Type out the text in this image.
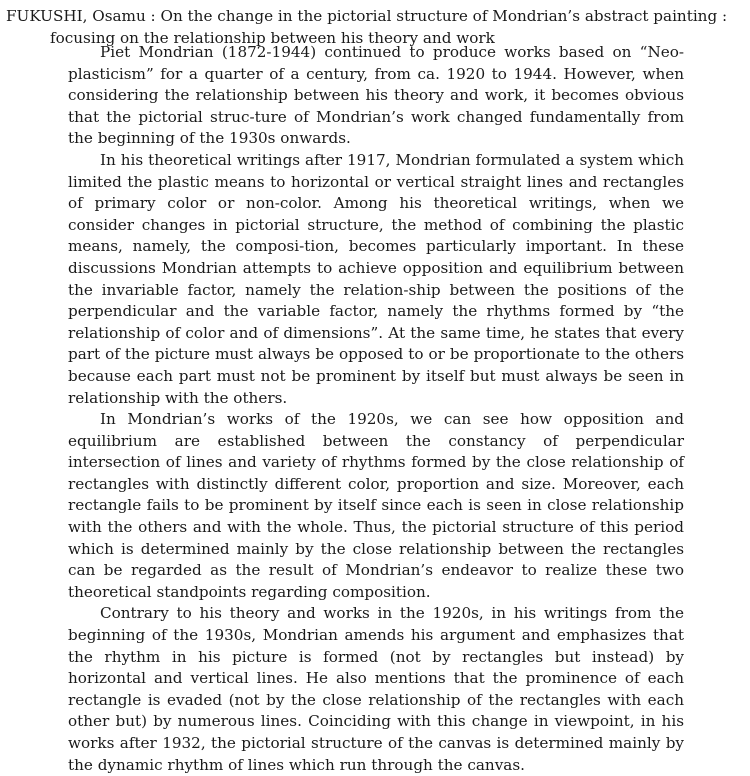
FUKUSHI, Osamu : On the change in the pictorial structure of Mondrian’s abstract painting :
focusing on the relationship between his theory and work

Piet Mondrian (1872-1944) continued to produce works based on “Neo-plasticism” for a quarter of a century, from ca. 1920 to 1944. However, when considering the relationship between his theory and work, it becomes obvious that the pictorial struc-ture of Mondrian’s work changed fundamentally from the beginning of the 1930s onwards.

In his theoretical writings after 1917, Mondrian formulated a system which limited the plastic means to horizontal or vertical straight lines and rectangles of primary color or non-color. Among his theoretical writings, when we consider changes in pictorial structure, the method of combining the plastic means, namely, the composi-tion, becomes particularly important. In these discussions Mondrian attempts to achieve opposition and equilibrium between the invariable factor, namely the relation-ship between the positions of the perpendicular and the variable factor, namely the rhythms formed by “the relationship of color and of dimensions”. At the same time, he states that every part of the picture must always be opposed to or be proportionate to the others because each part must not be prominent by itself but must always be seen in relationship with the others.

In Mondrian’s works of the 1920s, we can see how opposition and equilibrium are established between the constancy of perpendicular intersection of lines and variety of rhythms formed by the close relationship of rectangles with distinctly different color, proportion and size. Moreover, each rectangle fails to be prominent by itself since each is seen in close relationship with the others and with the whole. Thus, the pictorial structure of this period which is determined mainly by the close relationship between the rectangles can be regarded as the result of Mondrian’s endeavor to realize these two theoretical standpoints regarding composition.

Contrary to his theory and works in the 1920s, in his writings from the beginning of the 1930s, Mondrian amends his argument and emphasizes that the rhythm in his picture is formed (not by rectangles but instead) by horizontal and vertical lines. He also mentions that the prominence of each rectangle is evaded (not by the close relationship of the rectangles with each other but) by numerous lines. Coinciding with this change in viewpoint, in his works after 1932, the pictorial structure of the canvas is determined mainly by the dynamic rhythm of lines which run through the canvas.
